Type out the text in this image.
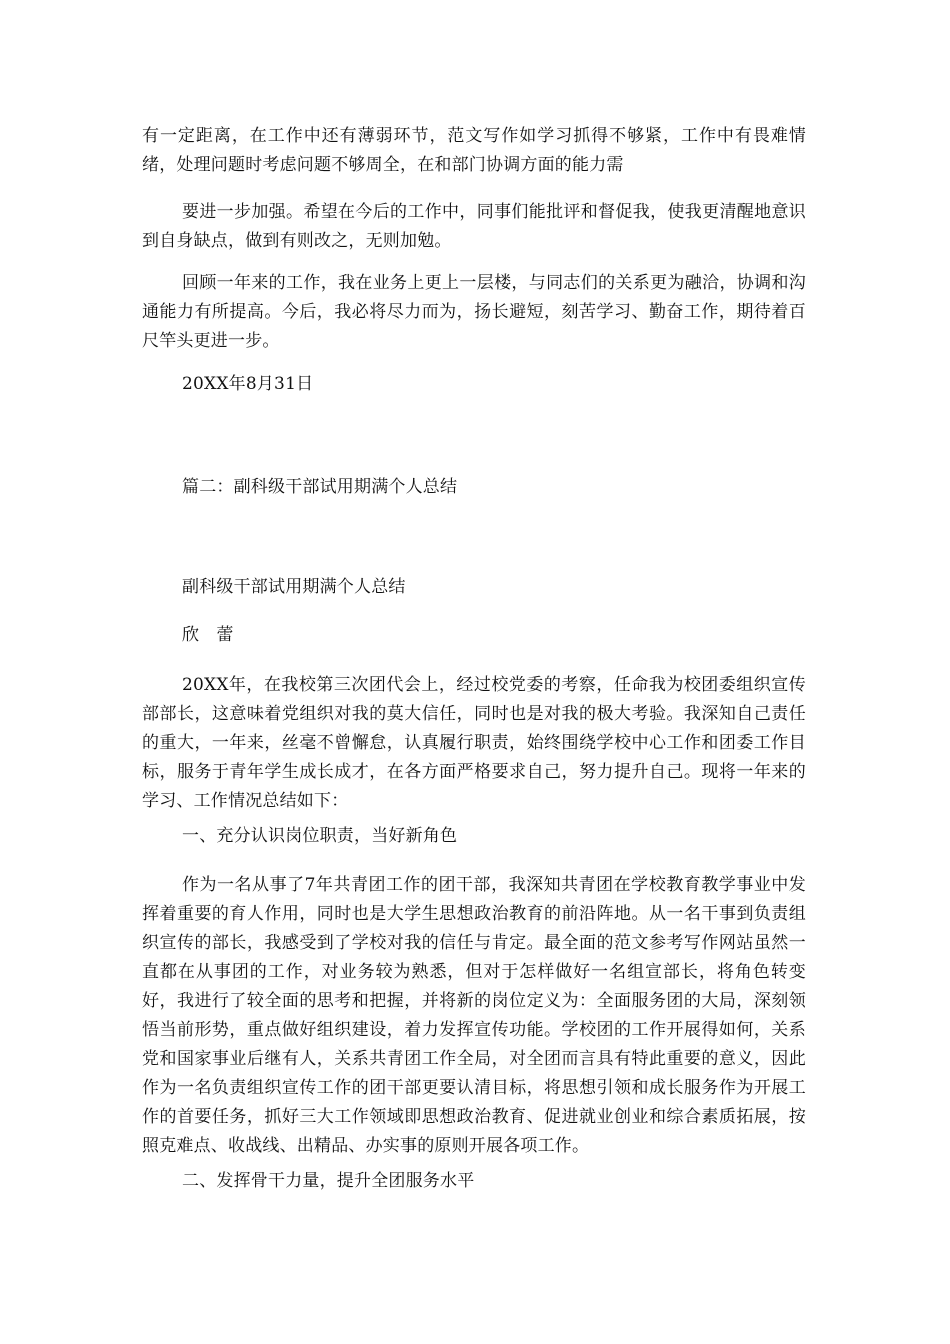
有一定距离，在工作中还有薄弱环节，范文写作如学习抓得不够紧，工作中有畏难情绪，处理问题时考虑问题不够周全，在和部门协调方面的能力需

要进一步加强。希望在今后的工作中，同事们能批评和督促我，使我更清醒地意识到自身缺点，做到有则改之，无则加勉。

回顾一年来的工作，我在业务上更上一层楼，与同志们的关系更为融洽，协调和沟通能力有所提高。今后，我必将尽力而为，扬长避短，刻苦学习、勤奋工作，期待着百尺竿头更进一步。

20XX年8月31日

篇二：副科级干部试用期满个人总结

副科级干部试用期满个人总结

欣　蕾

20XX年，在我校第三次团代会上，经过校党委的考察，任命我为校团委组织宣传部部长，这意味着党组织对我的莫大信任，同时也是对我的极大考验。我深知自己责任的重大，一年来，丝毫不曾懈怠，认真履行职责，始终围绕学校中心工作和团委工作目标，服务于青年学生成长成才，在各方面严格要求自己，努力提升自己。现将一年来的学习、工作情况总结如下：

一、充分认识岗位职责，当好新角色

作为一名从事了7年共青团工作的团干部，我深知共青团在学校教育教学事业中发挥着重要的育人作用，同时也是大学生思想政治教育的前沿阵地。从一名干事到负责组织宣传的部长，我感受到了学校对我的信任与肯定。最全面的范文参考写作网站虽然一直都在从事团的工作，对业务较为熟悉，但对于怎样做好一名组宣部长，将角色转变好，我进行了较全面的思考和把握，并将新的岗位定义为：全面服务团的大局，深刻领悟当前形势，重点做好组织建设，着力发挥宣传功能。学校团的工作开展得如何，关系党和国家事业后继有人，关系共青团工作全局，对全团而言具有特此重要的意义，因此作为一名负责组织宣传工作的团干部更要认清目标，将思想引领和成长服务作为开展工作的首要任务，抓好三大工作领域即思想政治教育、促进就业创业和综合素质拓展，按照克难点、收战线、出精品、办实事的原则开展各项工作。

二、发挥骨干力量，提升全团服务水平
